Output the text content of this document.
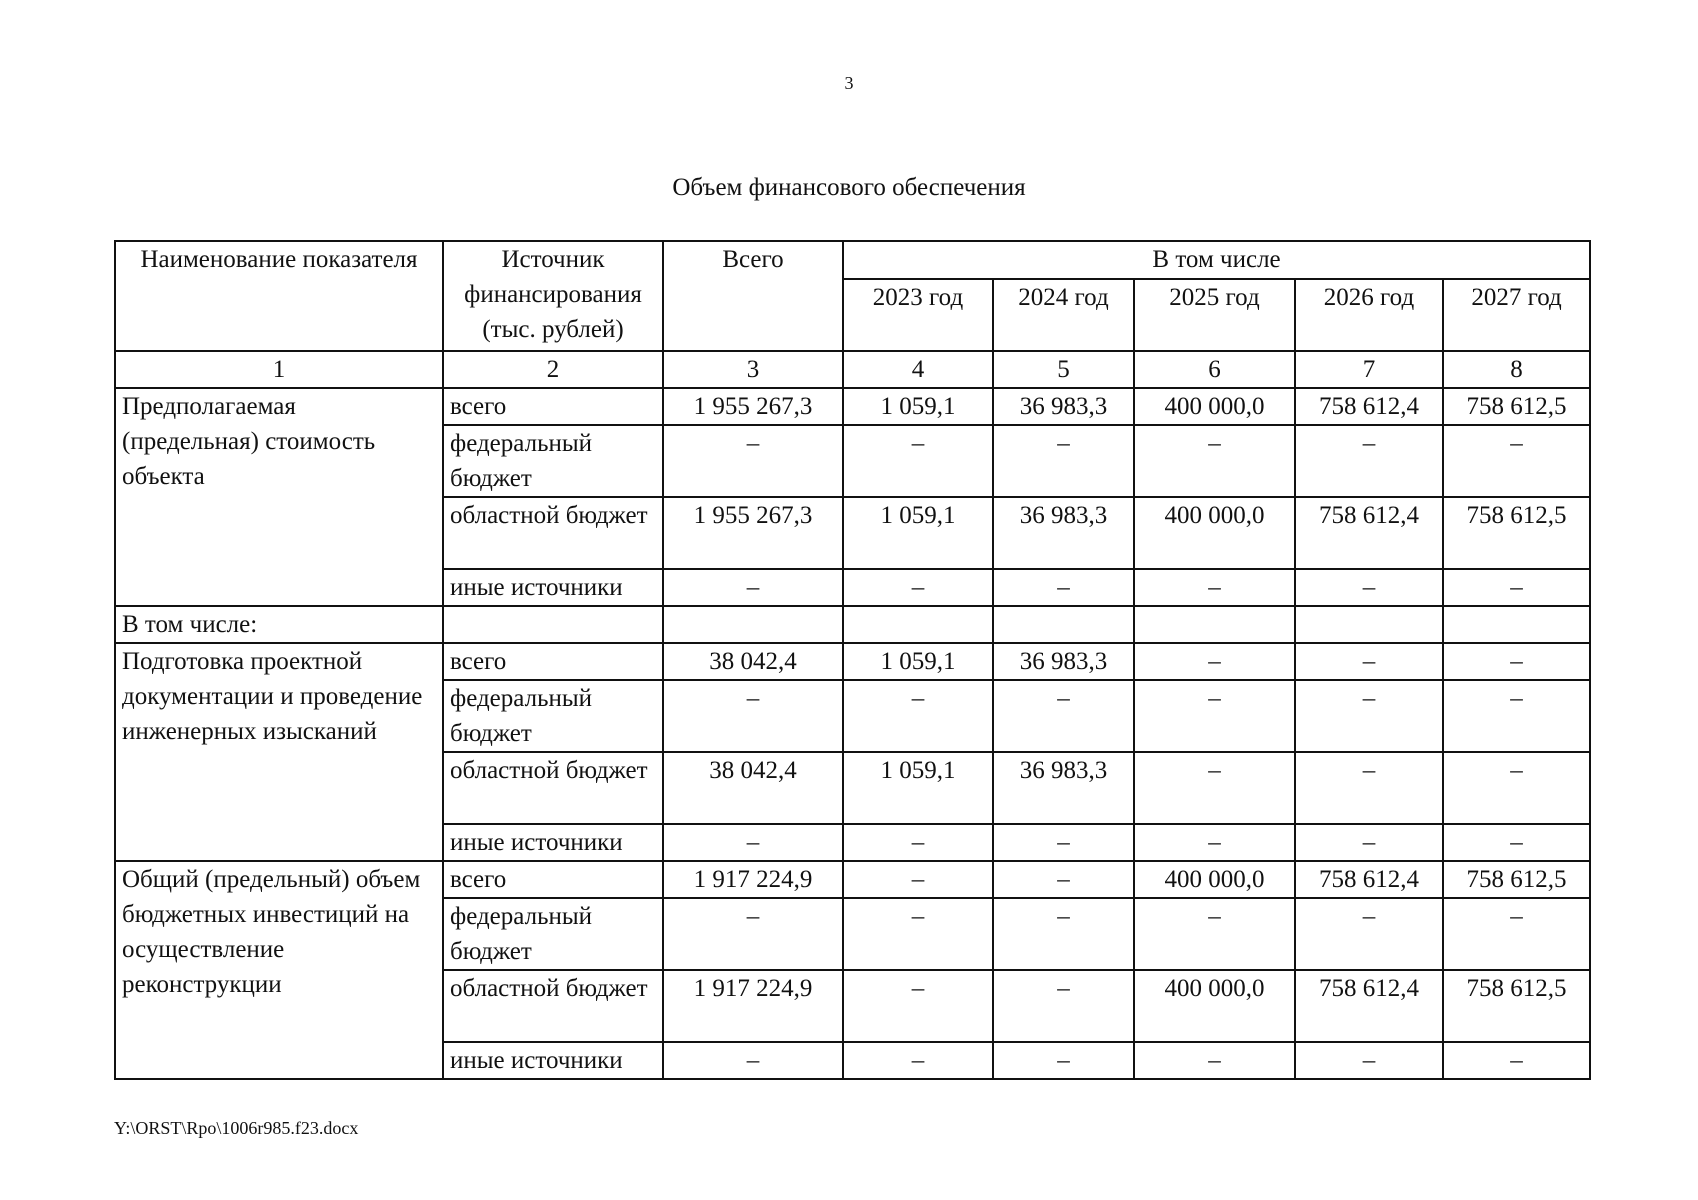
3
Объем финансового обеспечения
Наименование показателя	Источник финансирования (тыс. рублей)	Всего	В том числе				
			2023 год	2024 год	2025 год	2026 год	2027 год
1	2	3	4	5	6	7	8
Предполагаемая (предельная) стоимость объекта	всего	1 955 267,3	1 059,1	36 983,3	400 000,0	758 612,4	758 612,5
	федеральный бюджет	–	–	–	–	–	–
	областной бюджет	1 955 267,3	1 059,1	36 983,3	400 000,0	758 612,4	758 612,5
	иные источники	–	–	–	–	–	–
В том числе:							
Подготовка проектной документации и проведение инженерных изысканий	всего	38 042,4	1 059,1	36 983,3	–	–	–
	федеральный бюджет	–	–	–	–	–	–
	областной бюджет	38 042,4	1 059,1	36 983,3	–	–	–
	иные источники	–	–	–	–	–	–
Общий (предельный) объем бюджетных инвестиций на осуществление реконструкции	всего	1 917 224,9	–	–	400 000,0	758 612,4	758 612,5
	федеральный бюджет	–	–	–	–	–	–
	областной бюджет	1 917 224,9	–	–	400 000,0	758 612,4	758 612,5
	иные источники	–	–	–	–	–	–
Y:\ORST\Rpo\1006r985.f23.docx
